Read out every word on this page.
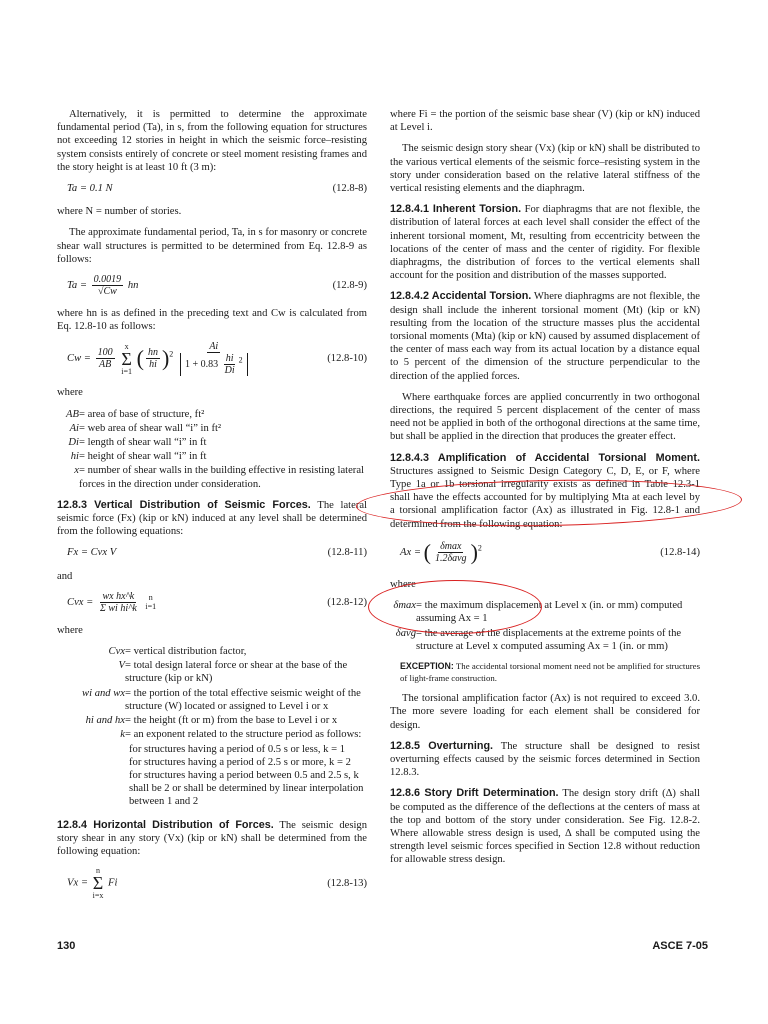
Alternatively, it is permitted to determine the approximate fundamental period (Ta), in s, from the following equation for structures not exceeding 12 stories in height in which the seismic force–resisting system consists entirely of concrete or steel moment resisting frames and the story height is at least 10 ft (3 m):

Ta = 0.1 N	(12.8-8)

where N = number of stories.

The approximate fundamental period, Ta, in s for masonry or concrete shear wall structures is permitted to be determined from Eq. 12.8-9 as follows:

$Ta = \frac{0.0019}{√Cw}$ hn	(12.8-9)

where hn is as defined in the preceding text and Cw is calculated from Eq. 12.8-10 as follows:

$Cw = \frac{100}{AB}$

x
Σ
i=1
( $\frac{hn}{hi} )^2$
Ai
$1 + 0.83 \frac{hi}{Di} ^2$	(12.8-10)

where

AB = area of base of structure, ft²
Ai = web area of shear wall “i” in ft²
Di = length of shear wall “i” in ft
hi = height of shear wall “i” in ft
x = number of shear walls in the building effective in resisting lateral forces in the direction under consideration.

12.8.3 Vertical Distribution of Seismic Forces. The lateral seismic force (Fx) (kip or kN) induced at any level shall be determined from the following equations:

Fx = Cvx V	(12.8-11)

and

Cvx = $\frac{\text{wx hx\textasciicircum{}k}}{\text{Σ wi hi\textasciicircum{}k}}$
n
i=1	(12.8-12)

where

Cvx = vertical distribution factor,
V = total design lateral force or shear at the base of the structure (kip or kN)
wi and wx = the portion of the total effective seismic weight of the structure (W) located or assigned to Level i or x
hi and hx = the height (ft or m) from the base to Level i or x
k = an exponent related to the structure period as follows:
for structures having a period of 0.5 s or less, k = 1
for structures having a period of 2.5 s or more, k = 2
for structures having a period between 0.5 and 2.5 s, k shall be 2 or shall be determined by linear interpolation between 1 and 2

12.8.4 Horizontal Distribution of Forces. The seismic design story shear in any story (Vx) (kip or kN) shall be determined from the following equation:

Vx =
n
Σ
i=x
Fi	(12.8-13)

where Fi = the portion of the seismic base shear (V) (kip or kN) induced at Level i.

The seismic design story shear (Vx) (kip or kN) shall be distributed to the various vertical elements of the seismic force–resisting system in the story under consideration based on the relative lateral stiffness of the vertical resisting elements and the diaphragm.

12.8.4.1 Inherent Torsion. For diaphragms that are not flexible, the distribution of lateral forces at each level shall consider the effect of the inherent torsional moment, Mt, resulting from eccentricity between the locations of the center of mass and the center of rigidity. For flexible diaphragms, the distribution of forces to the vertical elements shall account for the position and distribution of the masses supported.

12.8.4.2 Accidental Torsion. Where diaphragms are not flexible, the design shall include the inherent torsional moment (Mt) (kip or kN) resulting from the location of the structure masses plus the accidental torsional moments (Mta) (kip or kN) caused by assumed displacement of the center of mass each way from its actual location by a distance equal to 5 percent of the dimension of the structure perpendicular to the direction of the applied forces.

Where earthquake forces are applied concurrently in two orthogonal directions, the required 5 percent displacement of the center of mass need not be applied in both of the orthogonal directions at the same time, but shall be applied in the direction that produces the greater effect.

12.8.4.3 Amplification of Accidental Torsional Moment. Structures assigned to Seismic Design Category C, D, E, or F, where Type 1a or 1b torsional irregularity exists as defined in Table 12.3-1 shall have the effects accounted for by multiplying Mta at each level by a torsional amplification factor (Ax) as illustrated in Fig. 12.8-1 and determined from the following equation:

Ax = ( $\frac{\delta\max}{\text{1.2δavg}} )^2$	(12.8-14)

where

δmax = the maximum displacement at Level x (in. or mm) computed assuming Ax = 1
δavg = the average of the displacements at the extreme points of the structure at Level x computed assuming Ax = 1 (in. or mm)

EXCEPTION: The accidental torsional moment need not be amplified for structures of light-frame construction.

The torsional amplification factor (Ax) is not required to exceed 3.0. The more severe loading for each element shall be considered for design.

12.8.5 Overturning. The structure shall be designed to resist overturning effects caused by the seismic forces determined in Section 12.8.3.

12.8.6 Story Drift Determination. The design story drift (Δ) shall be computed as the difference of the deflections at the centers of mass at the top and bottom of the story under consideration. See Fig. 12.8-2. Where allowable stress design is used, Δ shall be computed using the strength level seismic forces specified in Section 12.8 without reduction for allowable stress design.

130	ASCE 7-05
